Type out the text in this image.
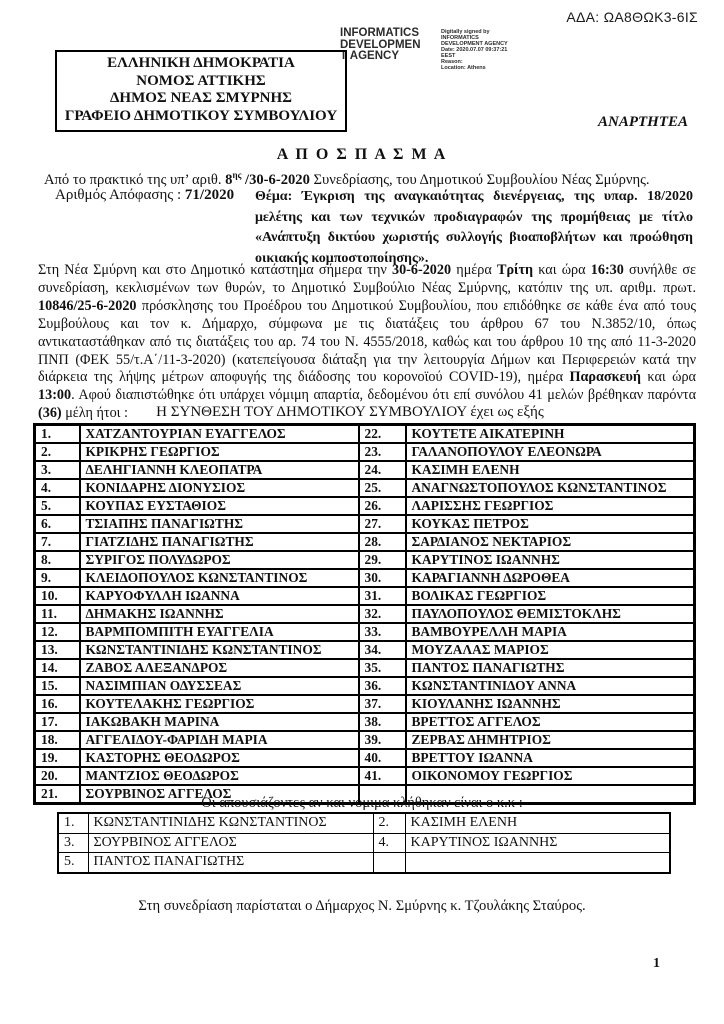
ΑΔΑ: ΩΑ8ΘΩΚ3-6ΙΣ
INFORMATICS
DEVELOPMEN
T AGENCY
Digitally signed by
INFORMATICS
DEVELOPMENT AGENCY
Date: 2020.07.07 09:37:21
EEST
Reason:
Location: Athens
ΕΛΛΗΝΙΚΗ ΔΗΜΟΚΡΑΤΙΑ
ΝΟΜΟΣ ΑΤΤΙΚΗΣ
ΔΗΜΟΣ ΝΕΑΣ ΣΜΥΡΝΗΣ
ΓΡΑΦΕΙΟ ΔΗΜΟΤΙΚΟΥ ΣΥΜΒΟΥΛΙΟΥ	ΑΝΑΡΤΗΤΕΑ
Α Π Ο Σ Π Α Σ Μ Α

Από το πρακτικό της υπ’ αριθ. $8^{\eta\varsigma}$ /30-6-2020 Συνεδρίασης, του Δημοτικού Συμβουλίου Νέας Σμύρνης.

Αριθμός Απόφασης : 71/2020 Θέμα: Έγκριση της αναγκαιότητας διενέργειας, της υπαρ. 18/2020 μελέτης και των τεχνικών προδιαγραφών της προμήθειας με τίτλο «Ανάπτυξη δικτύου χωριστής συλλογής βιοαποβλήτων και προώθηση οικιακής κομποστοποίησης».

Στη Νέα Σμύρνη και στο Δημοτικό κατάστημα σήμερα την 30-6-2020 ημέρα Τρίτη και ώρα 16:30 συνήλθε σε συνεδρίαση, κεκλισμένων των θυρών, το Δημοτικό Συμβούλιο Νέας Σμύρνης, κατόπιν της υπ. αριθμ. πρωτ. 10846/25-6-2020 πρόσκλησης του Προέδρου του Δημοτικού Συμβουλίου, που επιδόθηκε σε κάθε ένα από τους Συμβούλους και τον κ. Δήμαρχο, σύμφωνα με τις διατάξεις του άρθρου 67 του Ν.3852/10, όπως αντικαταστάθηκαν από τις διατάξεις του αρ. 74 του Ν. 4555/2018, καθώς και του άρθρου 10 της από 11-3-2020 ΠΝΠ (ΦΕΚ 55/τ.Α΄/11-3-2020) (κατεπείγουσα διάταξη για την λειτουργία Δήμων και Περιφερειών κατά την διάρκεια της λήψης μέτρων αποφυγής της διάδοσης του κορονοϊού COVID-19), ημέρα Παρασκευή και ώρα 13:00. Αφού διαπιστώθηκε ότι υπάρχει νόμιμη απαρτία, δεδομένου ότι επί συνόλου 41 μελών βρέθηκαν παρόντα (36) μέλη ήτοι :	Η ΣΥΝΘΕΣΗ ΤΟΥ ΔΗΜΟΤΙΚΟΥ ΣΥΜΒΟΥΛΙΟΥ έχει ως εξής
1.	ΧΑΤΖΑΝΤΟΥΡΙΑΝ ΕΥΑΓΓΕΛΟΣ	22.	ΚΟΥΤΕΤΕ ΑΙΚΑΤΕΡΙΝΗ
2.	ΚΡΙΚΡΗΣ ΓΕΩΡΓΙΟΣ	23.	ΓΑΛΑΝΟΠΟΥΛΟΥ ΕΛΕΟΝΩΡΑ
3.	ΔΕΛΗΓΙΑΝΝΗ ΚΛΕΟΠΑΤΡΑ	24.	ΚΑΣΙΜΗ ΕΛΕΝΗ
4.	ΚΟΝΙΔΑΡΗΣ ΔΙΟΝΥΣΙΟΣ	25.	ΑΝΑΓΝΩΣΤΟΠΟΥΛΟΣ ΚΩΝΣΤΑΝΤΙΝΟΣ
5.	ΚΟΥΠΑΣ ΕΥΣΤΑΘΙΟΣ	26.	ΛΑΡΙΣΣΗΣ ΓΕΩΡΓΙΟΣ
6.	ΤΣΙΑΠΗΣ ΠΑΝΑΓΙΩΤΗΣ	27.	ΚΟΥΚΑΣ ΠΕΤΡΟΣ
7.	ΓΙΑΤΖΙΔΗΣ ΠΑΝΑΓΙΩΤΗΣ	28.	ΣΑΡΔΙΑΝΟΣ ΝΕΚΤΑΡΙΟΣ
8.	ΣΥΡΙΓΟΣ ΠΟΛΥΔΩΡΟΣ	29.	ΚΑΡΥΤΙΝΟΣ ΙΩΑΝΝΗΣ
9.	ΚΛΕΙΔΟΠΟΥΛΟΣ ΚΩΝΣΤΑΝΤΙΝΟΣ	30.	ΚΑΡΑΓΙΑΝΝΗ ΔΩΡΟΘΕΑ
10.	ΚΑΡΥΟΦΥΛΛΗ ΙΩΑΝΝΑ	31.	ΒΟΛΙΚΑΣ ΓΕΩΡΓΙΟΣ
11.	ΔΗΜΑΚΗΣ ΙΩΑΝΝΗΣ	32.	ΠΑΥΛΟΠΟΥΛΟΣ ΘΕΜΙΣΤΟΚΛΗΣ
12.	ΒΑΡΜΠΟΜΠΙΤΗ ΕΥΑΓΓΕΛΙΑ	33.	ΒΑΜΒΟΥΡΕΛΛΗ ΜΑΡΙΑ
13.	ΚΩΝΣΤΑΝΤΙΝΙΔΗΣ ΚΩΝΣΤΑΝΤΙΝΟΣ	34.	ΜΟΥΖΑΛΑΣ ΜΑΡΙΟΣ
14.	ΖΑΒΟΣ ΑΛΕΞΑΝΔΡΟΣ	35.	ΠΑΝΤΟΣ ΠΑΝΑΓΙΩΤΗΣ
15.	ΝΑΣΙΜΠΙΑΝ ΟΔΥΣΣΕΑΣ	36.	ΚΩΝΣΤΑΝΤΙΝΙΔΟΥ ΑΝΝΑ
16.	ΚΟΥΤΕΛΑΚΗΣ ΓΕΩΡΓΙΟΣ	37.	ΚΙΟΥΛΑΝΗΣ ΙΩΑΝΝΗΣ
17.	ΙΑΚΩΒΑΚΗ ΜΑΡΙΝΑ	38.	ΒΡΕΤΤΟΣ ΑΓΓΕΛΟΣ
18.	ΑΓΓΕΛΙΔΟΥ-ΦΑΡΙΔΗ ΜΑΡΙΑ	39.	ΖΕΡΒΑΣ ΔΗΜΗΤΡΙΟΣ
19.	ΚΑΣΤΟΡΗΣ ΘΕΟΔΩΡΟΣ	40.	ΒΡΕΤΤΟΥ ΙΩΑΝΝΑ
20.	ΜΑΝΤΖΙΟΣ ΘΕΟΔΩΡΟΣ	41.	ΟΙΚΟΝΟΜΟΥ ΓΕΩΡΓΙΟΣ
21.	ΣΟΥΡΒΙΝΟΣ ΑΓΓΕΛΟΣ		
Οι απουσιάζοντες αν και νόμιμα κλήθηκαν είναι ο κ.κ :
1.	ΚΩΝΣΤΑΝΤΙΝΙΔΗΣ ΚΩΝΣΤΑΝΤΙΝΟΣ	2.	ΚΑΣΙΜΗ ΕΛΕΝΗ
3.	ΣΟΥΡΒΙΝΟΣ ΑΓΓΕΛΟΣ	4.	ΚΑΡΥΤΙΝΟΣ ΙΩΑΝΝΗΣ
5.	ΠΑΝΤΟΣ ΠΑΝΑΓΙΩΤΗΣ		

Στη συνεδρίαση παρίσταται ο Δήμαρχος Ν. Σμύρνης κ. Τζουλάκης Σταύρος.

1
